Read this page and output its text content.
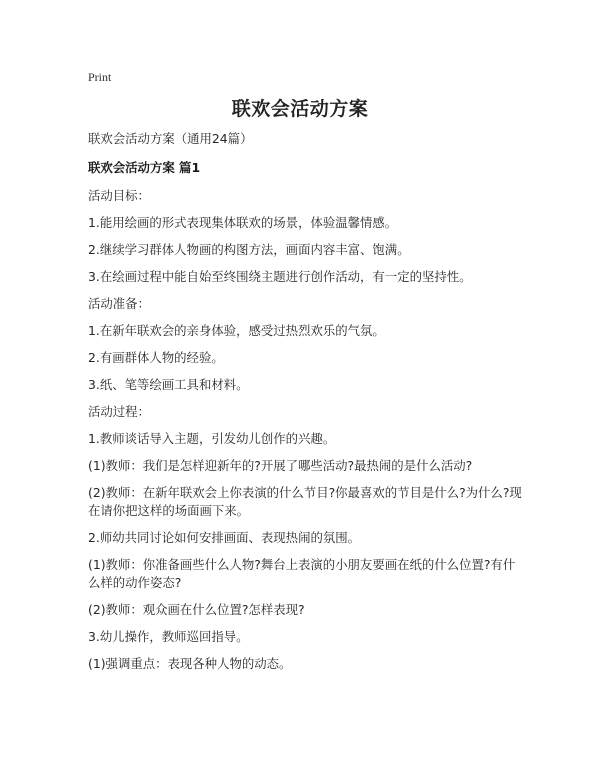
Print
联欢会活动方案

联欢会活动方案（通用24篇）

联欢会活动方案 篇1

活动目标：

1.能用绘画的形式表现集体联欢的场景，体验温馨情感。

2.继续学习群体人物画的构图方法，画面内容丰富、饱满。

3.在绘画过程中能自始至终围绕主题进行创作活动，有一定的坚持性。

活动准备：

1.在新年联欢会的亲身体验，感受过热烈欢乐的气氛。

2.有画群体人物的经验。

3.纸、笔等绘画工具和材料。

活动过程：

1.教师谈话导入主题，引发幼儿创作的兴趣。

(1)教师：我们是怎样迎新年的?开展了哪些活动?最热闹的是什么活动?

(2)教师：在新年联欢会上你表演的什么节目?你最喜欢的节目是什么?为什么?现在请你把这样的场面画下来。

2.师幼共同讨论如何安排画面、表现热闹的氛围。

(1)教师：你准备画些什么人物?舞台上表演的小朋友要画在纸的什么位置?有什么样的动作姿态?

(2)教师：观众画在什么位置?怎样表现?

3.幼儿操作，教师巡回指导。

(1)强调重点：表现各种人物的动态。
